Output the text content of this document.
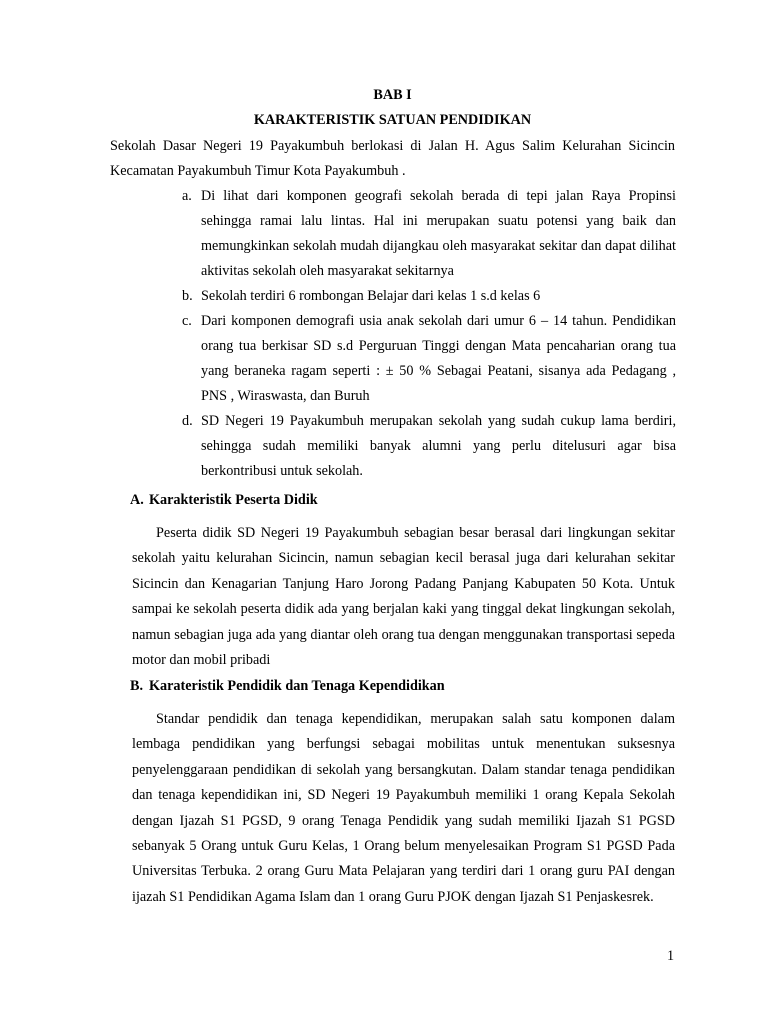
BAB I
KARAKTERISTIK SATUAN PENDIDIKAN
Sekolah Dasar Negeri 19 Payakumbuh berlokasi di Jalan H. Agus Salim Kelurahan Sicincin Kecamatan Payakumbuh Timur Kota Payakumbuh .
a. Di lihat dari komponen geografi sekolah berada di tepi jalan Raya Propinsi sehingga ramai lalu lintas. Hal ini merupakan suatu potensi yang baik dan memungkinkan sekolah mudah dijangkau oleh masyarakat sekitar dan dapat dilihat aktivitas sekolah oleh masyarakat sekitarnya
b. Sekolah terdiri 6 rombongan Belajar dari kelas 1 s.d kelas 6
c. Dari komponen demografi usia anak sekolah dari umur 6 – 14 tahun. Pendidikan orang tua berkisar SD s.d Perguruan Tinggi dengan Mata pencaharian orang tua yang beraneka ragam seperti : ± 50 % Sebagai Peatani, sisanya ada Pedagang , PNS , Wiraswasta, dan Buruh
d. SD Negeri 19 Payakumbuh merupakan sekolah yang sudah cukup lama berdiri, sehingga sudah memiliki banyak alumni yang perlu ditelusuri agar bisa berkontribusi untuk sekolah.
A. Karakteristik Peserta Didik

Peserta didik SD Negeri 19 Payakumbuh sebagian besar berasal dari lingkungan sekitar sekolah yaitu kelurahan Sicincin, namun sebagian kecil berasal juga dari kelurahan sekitar Sicincin dan Kenagarian Tanjung Haro Jorong Padang Panjang Kabupaten 50 Kota. Untuk sampai ke sekolah peserta didik ada yang berjalan kaki yang tinggal dekat lingkungan sekolah, namun sebagian juga ada yang diantar oleh orang tua dengan menggunakan transportasi sepeda motor dan mobil pribadi

B. Karateristik Pendidik dan Tenaga Kependidikan

Standar pendidik dan tenaga kependidikan, merupakan salah satu komponen dalam lembaga pendidikan yang berfungsi sebagai mobilitas untuk menentukan suksesnya penyelenggaraan pendidikan di sekolah yang bersangkutan. Dalam standar tenaga pendidikan dan tenaga kependidikan ini, SD Negeri 19 Payakumbuh memiliki 1 orang Kepala Sekolah dengan Ijazah S1 PGSD, 9 orang Tenaga Pendidik yang sudah memiliki Ijazah S1 PGSD sebanyak 5 Orang untuk Guru Kelas, 1 Orang belum menyelesaikan Program S1 PGSD Pada Universitas Terbuka. 2 orang Guru Mata Pelajaran yang terdiri dari 1 orang guru PAI dengan ijazah S1 Pendidikan Agama Islam dan 1 orang Guru PJOK dengan Ijazah S1 Penjaskesrek.

1
